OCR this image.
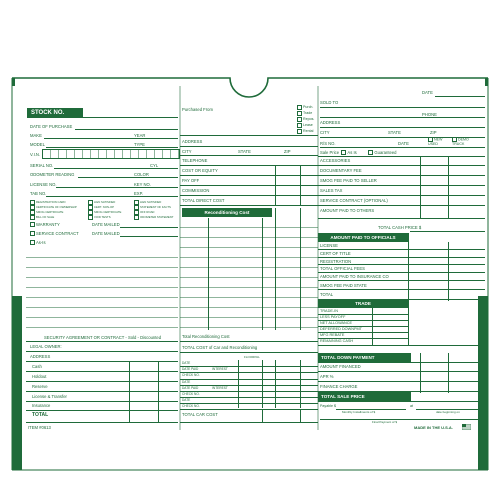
DATE
SOLD TO
PHONE
ADDRESS
CITY	STATE	ZIP
R/S NO.	DATE
NEW
USED
DEMO
TRUCK
STOCK NO.
DATE OF PURCHASE
MAKE	YEAR
MODEL	TYPE
V.I.N.
SERIAL NO.	CYL
ODOMETER READING	COLOR
LICENSE NO.	KEY NO.
TAB NO.	EXP.
REGISTRATION CARD
CERTIFICATE OF OWNERSHIP
SMOG CERTIFICATE
BILL OF SALE
LIEN SATISFIED
CERT. NON-OP
SMOG CERTIFICATE
VOID TESTS
LIEN SATISFIED
STATEMENT OF FACTS
OFF ROAD
ODOMETER STATEMENT
WARRANTY	DATE MAILED
SERVICE CONTRACT	DATE MAILED
As-Is
SECURITY AGREEMENT OR CONTRACT - Sold - Discounted
LEGAL OWNER:
ADDRESS
Cash
Holdout
Reserve
License & Transfer
Insurance
TOTAL
ITEM #0613
Purchased From	Purch.
Trade
Repos.
Lease
Rental
ADDRESS
CITY	STATE	ZIP
TELEPHONE
COST OR EQUITY
PAY OFF
COMMISSION
TOTAL DIRECT COST
Reconditioning Cost
Total Reconditioning Cost
TOTAL COST of Car and Reconditioning
FLOORPAL
DATE
DATE PAID	INTEREST
CHECK NO.
DATE
DATE PAID	INTEREST
CHECK NO.
DATE
CHECK NO.
TOTAL CAR COST
Sale Price As Is	Guaranteed
ACCESSORIES
DOCUMENTARY FEE
SMOG FEE PAID TO SELLER
SALES TAX
SERVICE CONTRACT (OPTIONAL)
AMOUNT PAID TO OTHERS
TOTAL CASH PRICE $
AMOUNT PAID TO OFFICIALS
LICENSE
CERT OF TITLE
REGISTRATION
TOTAL OFFICIAL FEES
AMOUNT PAID TO INSURANCE CO
SMOG FEE PAID STATE
TOTAL
TRADE
TRADE-IN
LESS PAYOFF
NET ALLOWANCE
DEFERRED DOWNPMT
MFG REBATE
REMAINING CASH
TOTAL DOWN PAYMENT
AMOUNT FINANCED
APR %
FINANCE CHARGE
TOTAL SALE PRICE
Payable $	at
Monthly Installments of $	date beginning on
Final Payment of $
MADE IN THE U.S.A.
